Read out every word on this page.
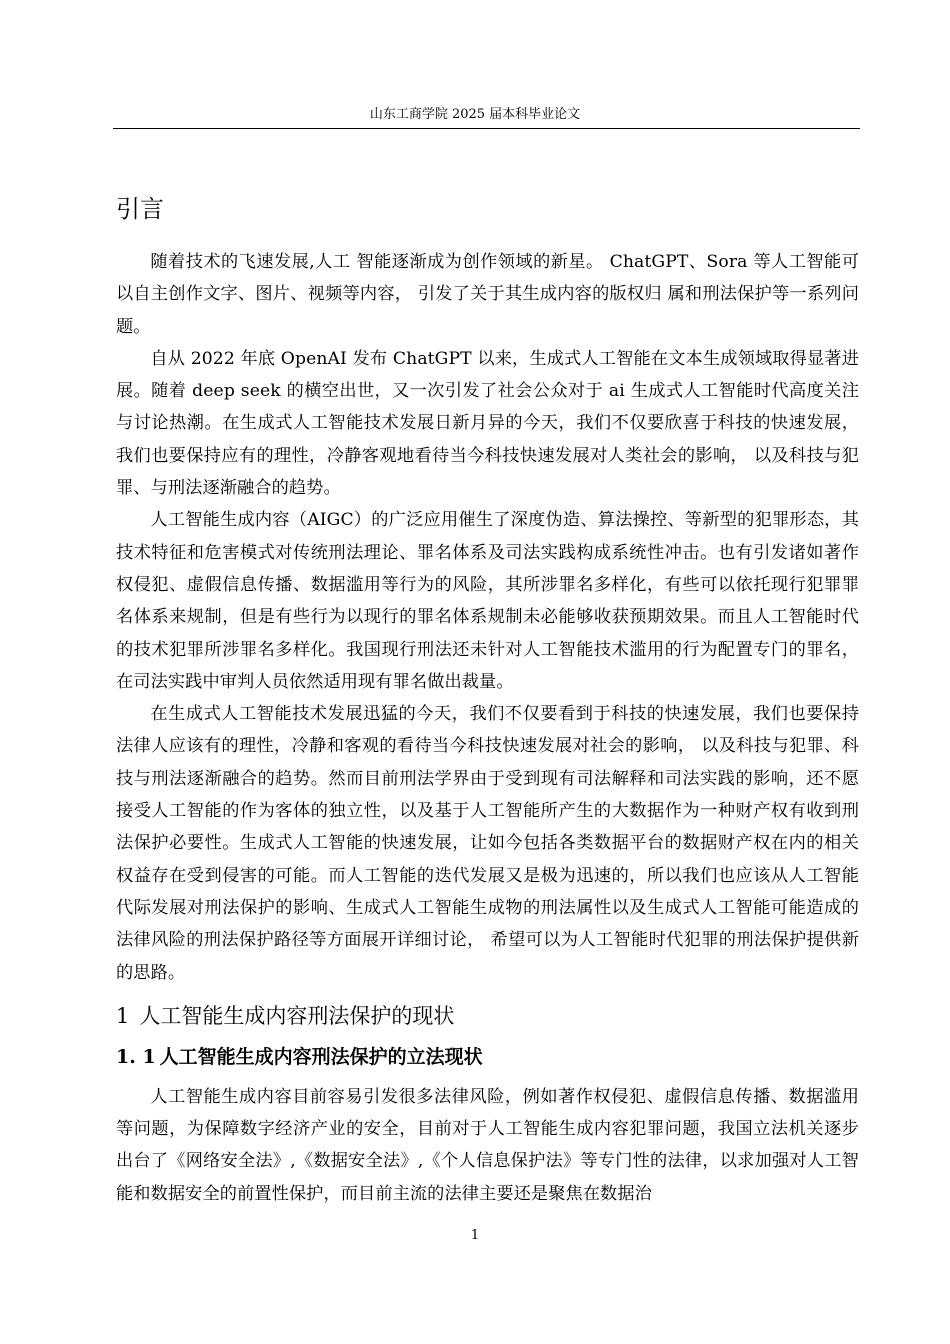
山东工商学院 2025 届本科毕业论文
引言

随着技术的飞速发展,人工 智能逐渐成为创作领域的新星。 ChatGPT、Sora 等人工智能可以自主创作文字、图片、视频等内容， 引发了关于其生成内容的版权归 属和刑法保护等一系列问题。

自从 2022 年底 OpenAI 发布 ChatGPT 以来，生成式人工智能在文本生成领域取得显著进展。随着 deep seek 的横空出世，又一次引发了社会公众对于 ai 生成式人工智能时代高度关注与讨论热潮。在生成式人工智能技术发展日新月异的今天，我们不仅要欣喜于科技的快速发展，我们也要保持应有的理性，冷静客观地看待当今科技快速发展对人类社会的影响， 以及科技与犯罪、与刑法逐渐融合的趋势。

人工智能生成内容（AIGC）的广泛应用催生了深度伪造、算法操控、等新型的犯罪形态，其技术特征和危害模式对传统刑法理论、罪名体系及司法实践构成系统性冲击。也有引发诸如著作权侵犯、虚假信息传播、数据滥用等行为的风险，其所涉罪名多样化，有些可以依托现行犯罪罪名体系来规制，但是有些行为以现行的罪名体系规制未必能够收获预期效果。而且人工智能时代的技术犯罪所涉罪名多样化。我国现行刑法还未针对人工智能技术滥用的行为配置专门的罪名，在司法实践中审判人员依然适用现有罪名做出裁量。

在生成式人工智能技术发展迅猛的今天，我们不仅要看到于科技的快速发展，我们也要保持法律人应该有的理性，冷静和客观的看待当今科技快速发展对社会的影响， 以及科技与犯罪、科技与刑法逐渐融合的趋势。然而目前刑法学界由于受到现有司法解释和司法实践的影响，还不愿接受人工智能的作为客体的独立性，以及基于人工智能所产生的大数据作为一种财产权有收到刑法保护必要性。生成式人工智能的快速发展，让如今包括各类数据平台的数据财产权在内的相关权益存在受到侵害的可能。而人工智能的迭代发展又是极为迅速的，所以我们也应该从人工智能代际发展对刑法保护的影响、生成式人工智能生成物的刑法属性以及生成式人工智能可能造成的法律风险的刑法保护路径等方面展开详细讨论， 希望可以为人工智能时代犯罪的刑法保护提供新的思路。

1 人工智能生成内容刑法保护的现状
1. 1 人工智能生成内容刑法保护的立法现状

人工智能生成内容目前容易引发很多法律风险，例如著作权侵犯、虚假信息传播、数据滥用等问题，为保障数字经济产业的安全，目前对于人工智能生成内容犯罪问题，我国立法机关逐步出台了《网络安全法》,《数据安全法》,《个人信息保护法》等专门性的法律，以求加强对人工智能和数据安全的前置性保护，而目前主流的法律主要还是聚焦在数据治

1
